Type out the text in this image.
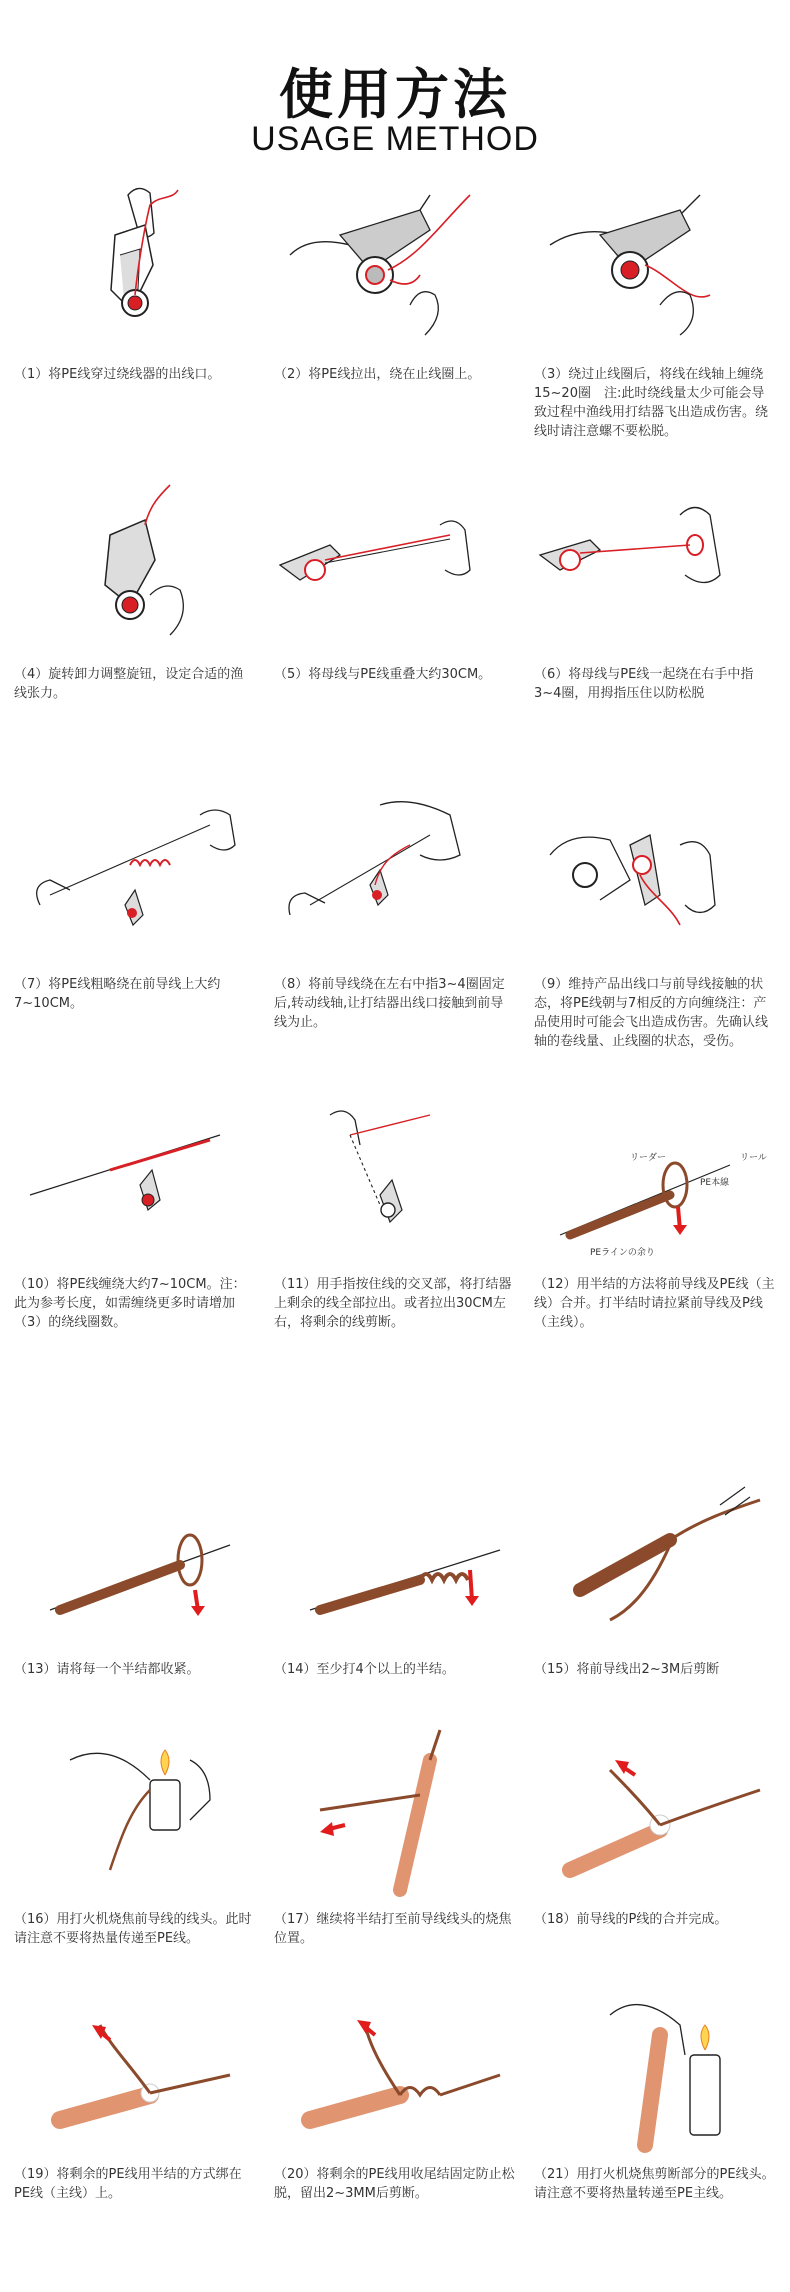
使用方法
USAGE METHOD
（1）将PE线穿过绕线器的出线口。	（2）将PE线拉出，绕在止线圈上。	（3）绕过止线圈后，将线在线轴上缠绕15~20圈　注:此时绕线量太少可能会导致过程中渔线用打结器飞出造成伤害。绕线时请注意螺不要松脱。
（4）旋转卸力调整旋钮，设定合适的渔线张力。
（5）将母线与PE线重叠大约30CM。	（6）将母线与PE线一起绕在右手中指3~4圈，用拇指压住以防松脱
（7）将PE线粗略绕在前导线上大约7~10CM。
（8）将前导线绕在左右中指3~4圈固定后,转动线轴,让打结器出线口接触到前导线为止。
（9）维持产品出线口与前导线接触的状态，将PE线朝与7相反的方向缠绕注：产品使用时可能会飞出造成伤害。先确认线轴的卷线量、止线圈的状态，受伤。
（10）将PE线缠绕大约7~10CM。注：此为参考长度，如需缠绕更多时请增加（3）的绕线圈数。
（11）用手指按住线的交叉部，将打结器上剩余的线全部拉出。或者拉出30CM左右，将剩余的线剪断。
リーダー	リール
PE本線
PEラインの余り
（12）用半结的方法将前导线及PE线（主线）合并。打半结时请拉紧前导线及P线（主线）。
（13）请将每一个半结都收紧。	（14）至少打4个以上的半结。	（15）将前导线出2~3M后剪断
（16）用打火机烧焦前导线的线头。此时请注意不要将热量传递至PE线。
（17）继续将半结打至前导线线头的烧焦位置。
（18）前导线的P线的合并完成。
（19）将剩余的PE线用半结的方式绑在PE线（主线）上。
（20）将剩余的PE线用收尾结固定防止松脱，留出2~3MM后剪断。
（21）用打火机烧焦剪断部分的PE线头。请注意不要将热量转递至PE主线。
